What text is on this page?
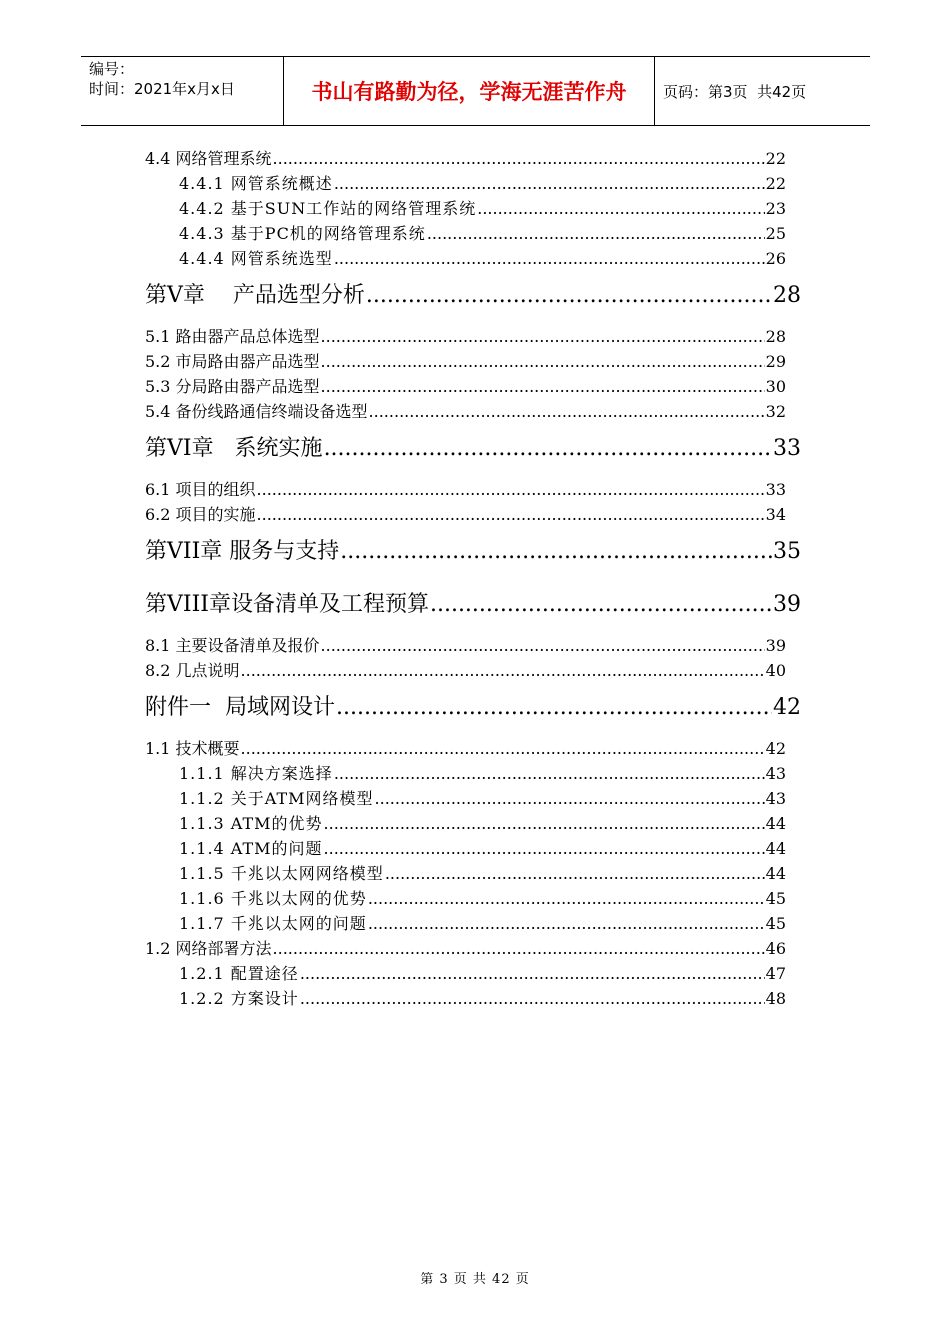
编号：
时间：2021年x月x日	书山有路勤为径，学海无涯苦作舟	页码：第3页  共42页
4.4 网络管理系统 .....	22
4.4.1 网管系统概述 .....	22
4.4.2 基于SUN工作站的网络管理系统 .....	23
4.4.3 基于PC机的网络管理系统 .....	25
4.4.4 网管系统选型 .....	26
第V章    产品选型分析 .....	28
5.1 路由器产品总体选型 .....	28
5.2 市局路由器产品选型 .....	29
5.3 分局路由器产品选型 .....	30
5.4 备份线路通信终端设备选型 .....	32
第VI章   系统实施 .....	33
6.1 项目的组织 .....	33
6.2 项目的实施 .....	34
第VII章 服务与支持 .....	35
第VIII章设备清单及工程预算 .....	39
8.1 主要设备清单及报价 .....	39
8.2 几点说明 .....	40
附件一  局域网设计 .....	42
1.1 技术概要 .....	42
1.1.1 解决方案选择 .....	43
1.1.2 关于ATM网络模型 .....	43
1.1.3 ATM的优势 .....	44
1.1.4 ATM的问题 .....	44
1.1.5 千兆以太网网络模型 .....	44
1.1.6 千兆以太网的优势 .....	45
1.1.7 千兆以太网的问题 .....	45
1.2 网络部署方法 .....	46
1.2.1 配置途径 .....	47
1.2.2 方案设计 .....	48
第 3 页 共 42 页
